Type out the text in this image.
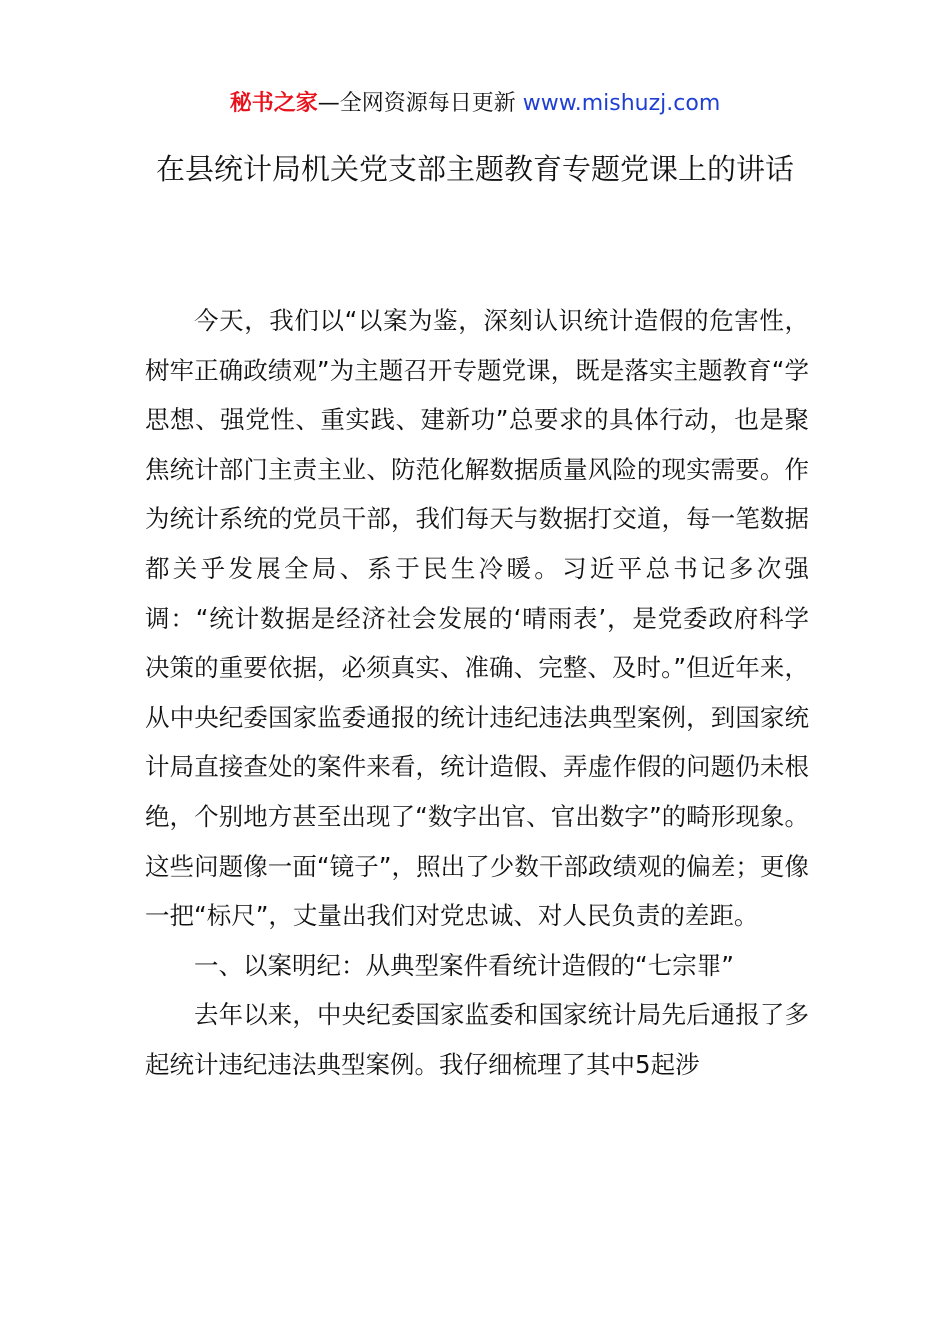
秘书之家—全网资源每日更新 www.mishuzj.com
在县统计局机关党支部主题教育专题党课上的讲话

今天，我们以“以案为鉴，深刻认识统计造假的危害性，树牢正确政绩观”为主题召开专题党课，既是落实主题教育“学思想、强党性、重实践、建新功”总要求的具体行动，也是聚焦统计部门主责主业、防范化解数据质量风险的现实需要。作为统计系统的党员干部，我们每天与数据打交道，每一笔数据都关乎发展全局、系于民生冷暖。习近平总书记多次强调：“统计数据是经济社会发展的‘晴雨表’，是党委政府科学决策的重要依据，必须真实、准确、完整、及时。”但近年来，从中央纪委国家监委通报的统计违纪违法典型案例，到国家统计局直接查处的案件来看，统计造假、弄虚作假的问题仍未根绝，个别地方甚至出现了“数字出官、官出数字”的畸形现象。这些问题像一面“镜子”，照出了少数干部政绩观的偏差；更像一把“标尺”，丈量出我们对党忠诚、对人民负责的差距。

一、以案明纪：从典型案件看统计造假的“七宗罪”

去年以来，中央纪委国家监委和国家统计局先后通报了多起统计违纪违法典型案例。我仔细梳理了其中5起涉
